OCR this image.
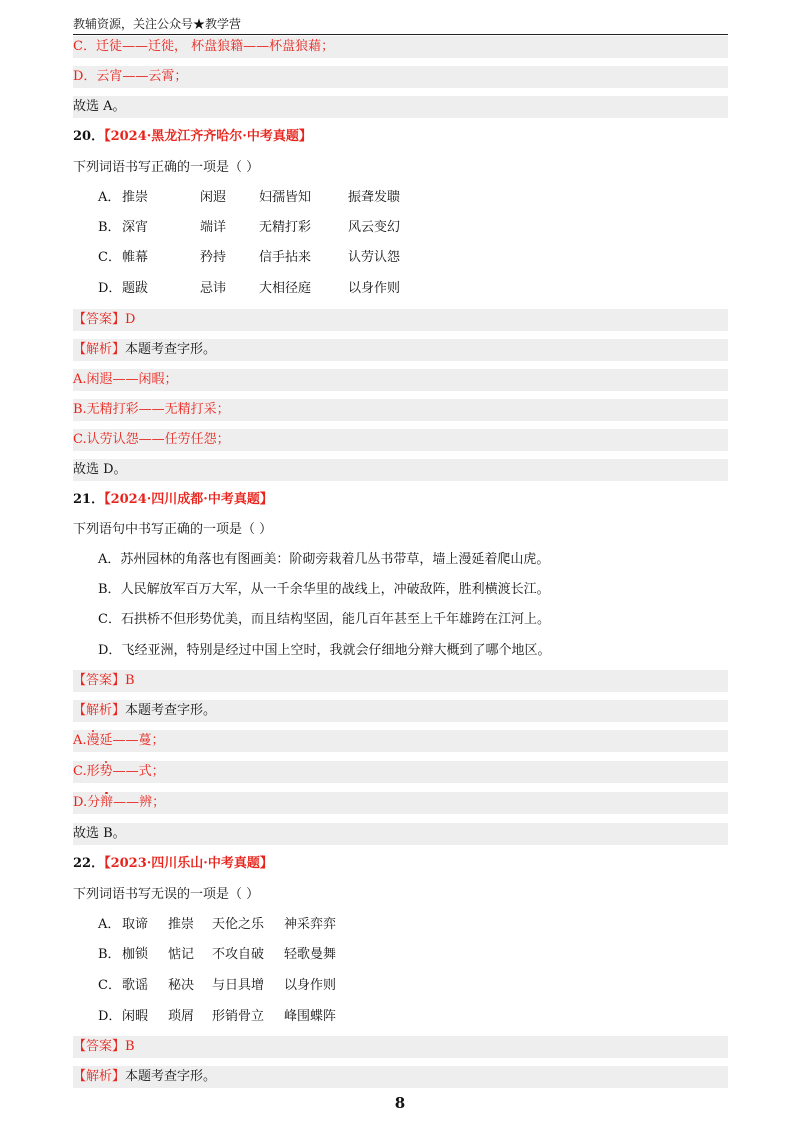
教辅资源，关注公众号★教学营
C．迁徒——迁徙， 杯盘狼籍——杯盘狼藉；
D．云宵——云霄；
故选 A。
20．【2024·黑龙江齐齐哈尔·中考真题】
下列词语书写正确的一项是（ ）
A． 推崇	闲遐	妇孺皆知	振聋发聩
B． 深宵	端详	无精打彩	风云变幻
C． 帷幕	矜持	信手拈来	认劳认怨
D． 题跋	忌讳	大相径庭	以身作则
【答案】D
【解析】本题考查字形。
A.闲遐——闲暇；
B.无精打彩——无精打采；
C.认劳认怨——任劳任怨；
故选 D。
21．【2024·四川成都·中考真题】
下列语句中书写正确的一项是（ ）
A．苏州园林的角落也有图画美：阶砌旁栽着几丛书带草，墙上漫延着爬山虎。
B．人民解放军百万大军，从一千余华里的战线上，冲破敌阵，胜利横渡长江。
C．石拱桥不但形势优美，而且结构坚固，能几百年甚至上千年雄跨在江河上。
D．飞经亚洲，特别是经过中国上空时，我就会仔细地分辩大概到了哪个地区。
【答案】B
【解析】本题考查字形。
A.漫延——蔓；
C.形势——式；
D.分辩——辨；
故选 B。
22．【2023·四川乐山·中考真题】
下列词语书写无误的一项是（ ）
A． 取谛 推崇 天伦之乐 神采弈弈
B． 枷锁 惦记 不攻自破 轻歌曼舞
C． 歌谣 秘决 与日具增 以身作则
D． 闲暇 琐屑 形销骨立 峰围蝶阵
【答案】B
【解析】本题考查字形。
8
